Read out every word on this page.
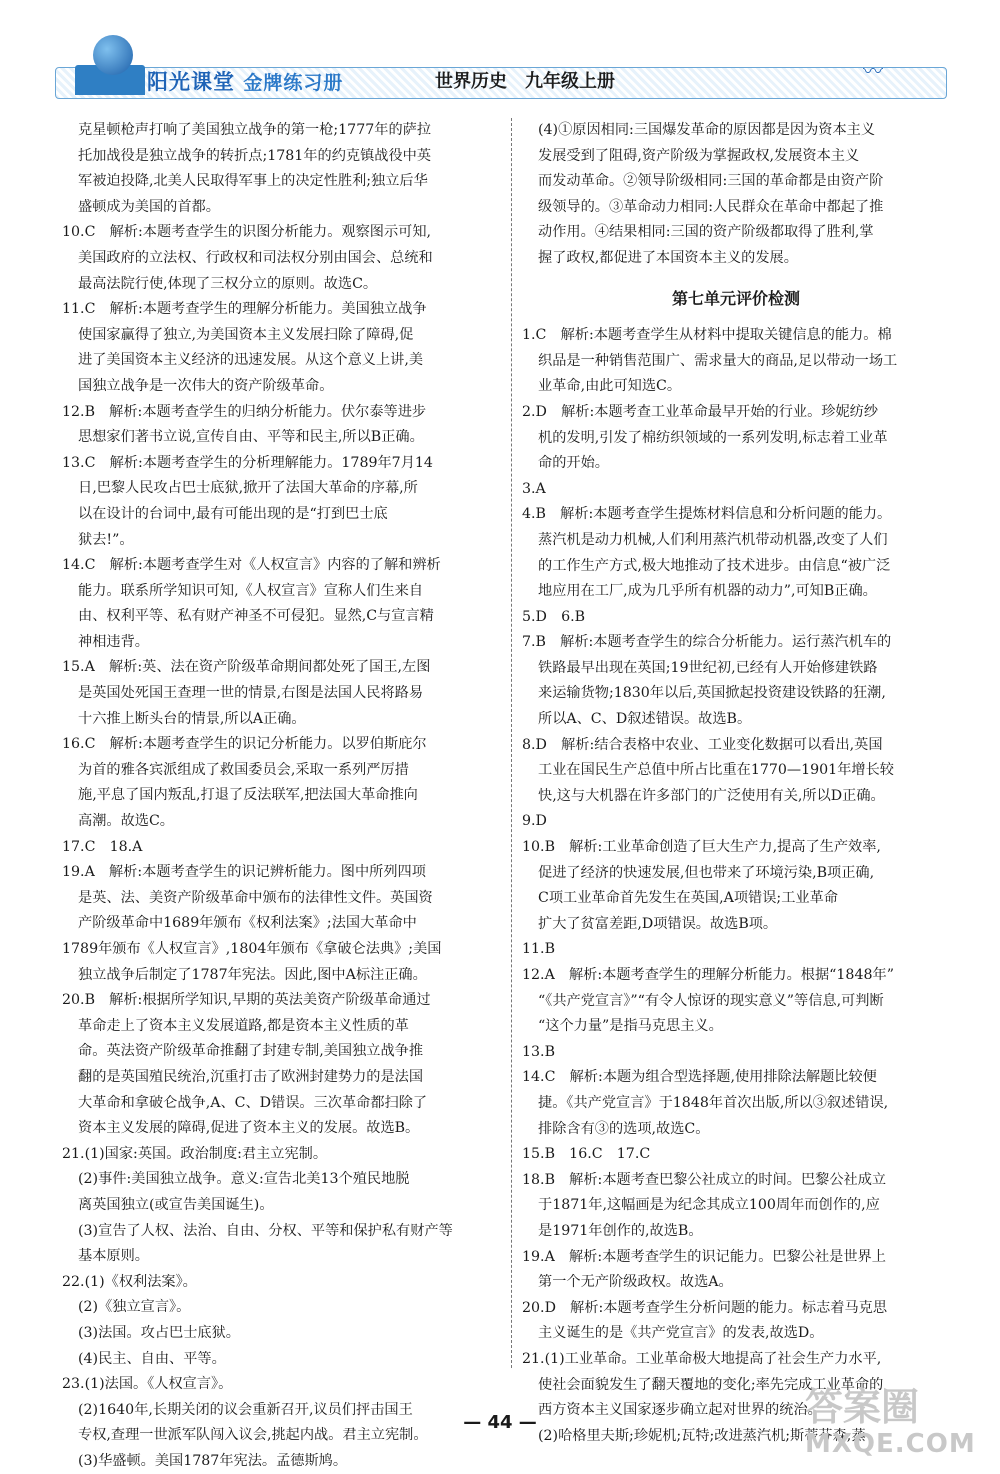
阳光课堂 金牌练习册	世界历史　九年级上册	〰
克星顿枪声打响了美国独立战争的第一枪;1777年的萨拉
托加战役是独立战争的转折点;1781年的约克镇战役中英
军被迫投降,北美人民取得军事上的决定性胜利;独立后华
盛顿成为美国的首都。
10.C　解析:本题考查学生的识图分析能力。观察图示可知,
美国政府的立法权、行政权和司法权分别由国会、总统和
最高法院行使,体现了三权分立的原则。故选C。
11.C　解析:本题考查学生的理解分析能力。美国独立战争
使国家赢得了独立,为美国资本主义发展扫除了障碍,促
进了美国资本主义经济的迅速发展。从这个意义上讲,美
国独立战争是一次伟大的资产阶级革命。
12.B　解析:本题考查学生的归纳分析能力。伏尔泰等进步
思想家们著书立说,宣传自由、平等和民主,所以B正确。
13.C　解析:本题考查学生的分析理解能力。1789年7月14
日,巴黎人民攻占巴士底狱,掀开了法国大革命的序幕,所
以在设计的台词中,最有可能出现的是“打到巴士底
狱去!”。
14.C　解析:本题考查学生对《人权宣言》内容的了解和辨析
能力。联系所学知识可知,《人权宣言》宣称人们生来自
由、权利平等、私有财产神圣不可侵犯。显然,C与宣言精
神相违背。
15.A　解析:英、法在资产阶级革命期间都处死了国王,左图
是英国处死国王查理一世的情景,右图是法国人民将路易
十六推上断头台的情景,所以A正确。
16.C　解析:本题考查学生的识记分析能力。以罗伯斯庇尔
为首的雅各宾派组成了救国委员会,采取一系列严厉措
施,平息了国内叛乱,打退了反法联军,把法国大革命推向
高潮。故选C。
17.C　18.A
19.A　解析:本题考查学生的识记辨析能力。图中所列四项
是英、法、美资产阶级革命中颁布的法律性文件。英国资
产阶级革命中1689年颁布《权利法案》;法国大革命中
1789年颁布《人权宣言》,1804年颁布《拿破仑法典》;美国
独立战争后制定了1787年宪法。因此,图中A标注正确。
20.B　解析:根据所学知识,早期的英法美资产阶级革命通过
革命走上了资本主义发展道路,都是资本主义性质的革
命。英法资产阶级革命推翻了封建专制,美国独立战争推
翻的是英国殖民统治,沉重打击了欧洲封建势力的是法国
大革命和拿破仑战争,A、C、D错误。三次革命都扫除了
资本主义发展的障碍,促进了资本主义的发展。故选B。
21.(1)国家:英国。政治制度:君主立宪制。
(2)事件:美国独立战争。意义:宣告北美13个殖民地脱
离英国独立(或宣告美国诞生)。
(3)宣告了人权、法治、自由、分权、平等和保护私有财产等
基本原则。
22.(1)《权利法案》。
(2)《独立宣言》。
(3)法国。攻占巴士底狱。
(4)民主、自由、平等。
23.(1)法国。《人权宣言》。
(2)1640年,长期关闭的议会重新召开,议员们抨击国王
专权,查理一世派军队闯入议会,挑起内战。君主立宪制。
(3)华盛顿。美国1787年宪法。孟德斯鸠。
(4)①原因相同:三国爆发革命的原因都是因为资本主义
发展受到了阻碍,资产阶级为掌握政权,发展资本主义
而发动革命。②领导阶级相同:三国的革命都是由资产阶
级领导的。③革命动力相同:人民群众在革命中都起了推
动作用。④结果相同:三国的资产阶级都取得了胜利,掌
握了政权,都促进了本国资本主义的发展。
第七单元评价检测
1.C　解析:本题考查学生从材料中提取关键信息的能力。棉
织品是一种销售范围广、需求量大的商品,足以带动一场工
业革命,由此可知选C。
2.D　解析:本题考查工业革命最早开始的行业。珍妮纺纱
机的发明,引发了棉纺织领域的一系列发明,标志着工业革
命的开始。
3.A
4.B　解析:本题考查学生提炼材料信息和分析问题的能力。
蒸汽机是动力机械,人们利用蒸汽机带动机器,改变了人们
的工作生产方式,极大地推动了技术进步。由信息“被广泛
地应用在工厂,成为几乎所有机器的动力”,可知B正确。
5.D　6.B
7.B　解析:本题考查学生的综合分析能力。运行蒸汽机车的
铁路最早出现在英国;19世纪初,已经有人开始修建铁路
来运输货物;1830年以后,英国掀起投资建设铁路的狂潮,
所以A、C、D叙述错误。故选B。
8.D　解析:结合表格中农业、工业变化数据可以看出,英国
工业在国民生产总值中所占比重在1770—1901年增长较
快,这与大机器在许多部门的广泛使用有关,所以D正确。
9.D
10.B　解析:工业革命创造了巨大生产力,提高了生产效率,
促进了经济的快速发展,但也带来了环境污染,B项正确,
C项工业革命首先发生在英国,A项错误;工业革命
扩大了贫富差距,D项错误。故选B项。
11.B
12.A　解析:本题考查学生的理解分析能力。根据“1848年”
“《共产党宣言》”“有令人惊讶的现实意义”等信息,可判断
“这个力量”是指马克思主义。
13.B
14.C　解析:本题为组合型选择题,使用排除法解题比较便
捷。《共产党宣言》于1848年首次出版,所以③叙述错误,
排除含有③的选项,故选C。
15.B　16.C　17.C
18.B　解析:本题考查巴黎公社成立的时间。巴黎公社成立
于1871年,这幅画是为纪念其成立100周年而创作的,应
是1971年创作的,故选B。
19.A　解析:本题考查学生的识记能力。巴黎公社是世界上
第一个无产阶级政权。故选A。
20.D　解析:本题考查学生分析问题的能力。标志着马克思
主义诞生的是《共产党宣言》的发表,故选D。
21.(1)工业革命。工业革命极大地提高了社会生产力水平,
使社会面貌发生了翻天覆地的变化;率先完成工业革命的
西方资本主义国家逐步确立起对世界的统治。
(2)哈格里夫斯;珍妮机;瓦特;改进蒸汽机;斯蒂芬森;蒸
— 44 —	答案圈
MXQE.COM
